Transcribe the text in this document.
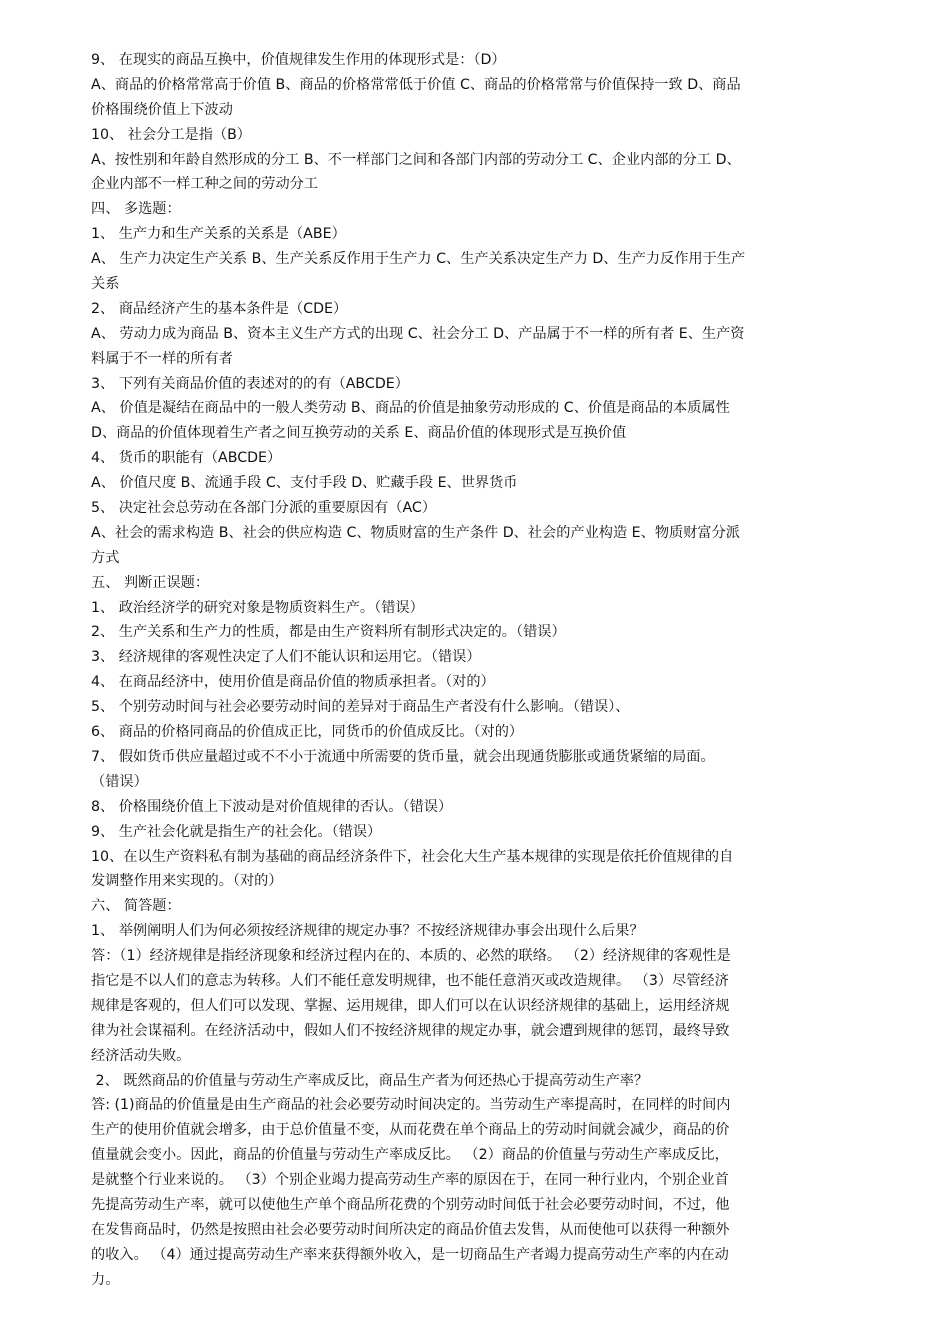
9、 在现实的商品互换中，价值规律发生作用的体现形式是：（D）
A、商品的价格常常高于价值 B、商品的价格常常低于价值 C、商品的价格常常与价值保持一致 D、商品
价格围绕价值上下波动
10、 社会分工是指（B）
A、按性别和年龄自然形成的分工 B、不一样部门之间和各部门内部的劳动分工 C、企业内部的分工 D、
企业内部不一样工种之间的劳动分工
四、 多选题：
1、 生产力和生产关系的关系是（ABE）
A、 生产力决定生产关系 B、生产关系反作用于生产力 C、生产关系决定生产力 D、生产力反作用于生产
关系
2、 商品经济产生的基本条件是（CDE）
A、 劳动力成为商品 B、资本主义生产方式的出现 C、社会分工 D、产品属于不一样的所有者 E、生产资
料属于不一样的所有者
3、 下列有关商品价值的表述对的的有（ABCDE）
A、 价值是凝结在商品中的一般人类劳动 B、商品的价值是抽象劳动形成的 C、价值是商品的本质属性
D、商品的价值体现着生产者之间互换劳动的关系 E、商品价值的体现形式是互换价值
4、 货币的职能有（ABCDE）
A、 价值尺度 B、流通手段 C、支付手段 D、贮藏手段 E、世界货币
5、 决定社会总劳动在各部门分派的重要原因有（AC）
A、社会的需求构造 B、社会的供应构造 C、物质财富的生产条件 D、社会的产业构造 E、物质财富分派
方式
五、 判断正误题：
1、 政治经济学的研究对象是物质资料生产。（错误）
2、 生产关系和生产力的性质，都是由生产资料所有制形式决定的。（错误）
3、 经济规律的客观性决定了人们不能认识和运用它。（错误）
4、 在商品经济中，使用价值是商品价值的物质承担者。（对的）
5、 个别劳动时间与社会必要劳动时间的差异对于商品生产者没有什么影响。（错误）、
6、 商品的价格同商品的价值成正比，同货币的价值成反比。（对的）
7、 假如货币供应量超过或不不小于流通中所需要的货币量，就会出现通货膨胀或通货紧缩的局面。
（错误）
8、 价格围绕价值上下波动是对价值规律的否认。（错误）
9、 生产社会化就是指生产的社会化。（错误）
10、在以生产资料私有制为基础的商品经济条件下，社会化大生产基本规律的实现是依托价值规律的自
发调整作用来实现的。（对的）
六、 简答题：
1、 举例阐明人们为何必须按经济规律的规定办事？不按经济规律办事会出现什么后果？
答：（1）经济规律是指经济现象和经济过程内在的、本质的、必然的联络。 （2）经济规律的客观性是
指它是不以人们的意志为转移。人们不能任意发明规律，也不能任意消灭或改造规律。 （3）尽管经济
规律是客观的，但人们可以发现、掌握、运用规律，即人们可以在认识经济规律的基础上，运用经济规
律为社会谋福利。在经济活动中，假如人们不按经济规律的规定办事，就会遭到规律的惩罚，最终导致
经济活动失败。
2、 既然商品的价值量与劳动生产率成反比，商品生产者为何还热心于提高劳动生产率？
答: (1)商品的价值量是由生产商品的社会必要劳动时间决定的。当劳动生产率提高时，在同样的时间内
生产的使用价值就会增多，由于总价值量不变，从而花费在单个商品上的劳动时间就会减少，商品的价
值量就会变小。因此，商品的价值量与劳动生产率成反比。 （2）商品的价值量与劳动生产率成反比，
是就整个行业来说的。 （3）个别企业竭力提高劳动生产率的原因在于，在同一种行业内，个别企业首
先提高劳动生产率，就可以使他生产单个商品所花费的个别劳动时间低于社会必要劳动时间，不过，他
在发售商品时，仍然是按照由社会必要劳动时间所决定的商品价值去发售，从而使他可以获得一种额外
的收入。 （4）通过提高劳动生产率来获得额外收入，是一切商品生产者竭力提高劳动生产率的内在动
力。
